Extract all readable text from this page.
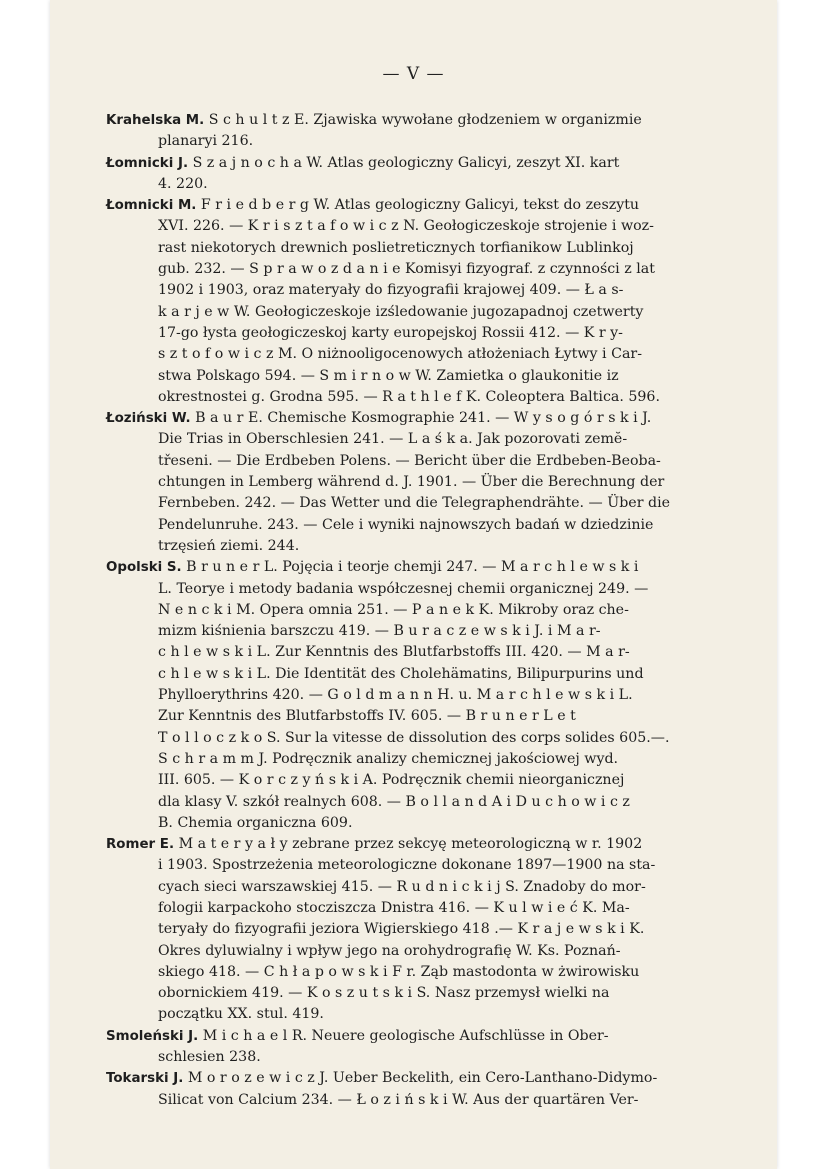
— V —
Krahelska M. S c h u l t z E. Zjawiska wywołane głodzeniem w organizmie
planaryi 216.
Łomnicki J. S z a j n o c h a W. Atlas geologiczny Galicyi, zeszyt XI. kart
4. 220.
Łomnicki M. F r i e d b e r g W. Atlas geologiczny Galicyi, tekst do zeszytu
XVI. 226. — K r i s z t a f o w i c z N. Geołogiczeskoje strojenie i woz-
rast niekotorych drewnich poslietreticznych torfianikow Lublinkoj
gub. 232. — S p r a w o z d a n i e Komisyi fizyograf. z czynności z lat
1902 i 1903, oraz materyały do fizyografii krajowej 409. — Ł a s-
k a r j e w W. Geołogiczeskoje izśledowanie jugozapadnoj czetwerty
17-go łysta geołogiczeskoj karty europejskoj Rossii 412. — K r y-
s z t o f o w i c z M. O niżnooligocenowych atłożeniach Łytwy i Car-
stwa Polskago 594. — S m i r n o w W. Zamietka o glaukonitie iz
okrestnostei g. Grodna 595. — R a t h l e f K. Coleoptera Baltica. 596.
Łoziński W. B a u r E. Chemische Kosmographie 241. — W y s o g ó r s k i J.
Die Trias in Oberschlesien 241. — L a ś k a. Jak pozorovati zemĕ-
třeseni. — Die Erdbeben Polens. — Bericht über die Erdbeben-Beoba-
chtungen in Lemberg während d. J. 1901. — Über die Berechnung der
Fernbeben. 242. — Das Wetter und die Telegraphendrähte. — Über die
Pendelunruhe. 243. — Cele i wyniki najnowszych badań w dziedzinie
trzęsień ziemi. 244.
Opolski S. B r u n e r L. Pojęcia i teorje chemji 247. — M a r c h l e w s k i
L. Teorye i metody badania współczesnej chemii organicznej 249. —
N e n c k i M. Opera omnia 251. — P a n e k K. Mikroby oraz che-
mizm kiśnienia barszczu 419. — B u r a c z e w s k i J. i M a r-
c h l e w s k i L. Zur Kenntnis des Blutfarbstoffs III. 420. — M a r-
c h l e w s k i L. Die Identität des Cholehämatins, Bilipurpurins und
Phylloerythrins 420. — G o l d m a n n H. u. M a r c h l e w s k i L.
Zur Kenntnis des Blutfarbstoffs IV. 605. — B r u n e r L e t
T o l l o c z k o S. Sur la vitesse de dissolution des corps solides 605.—.
S c h r a m m J. Podręcznik analizy chemicznej jakościowej wyd.
III. 605. — K o r c z y ń s k i A. Podręcznik chemii nieorganicznej
dla klasy V. szkół realnych 608. — B o l l a n d A i D u c h o w i c z
B. Chemia organiczna 609.
Romer E. M a t e r y a ł y zebrane przez sekcyę meteorologiczną w r. 1902
i 1903. Spostrzeżenia meteorologiczne dokonane 1897—1900 na sta-
cyach sieci warszawskiej 415. — R u d n i c k i j S. Znadoby do mor-
fologii karpackoho stocziszcza Dnistra 416. — K u l w i e ć K. Ma-
teryały do fizyografii jeziora Wigierskiego 418 .— K r a j e w s k i K.
Okres dyluwialny i wpływ jego na orohydrografię W. Ks. Poznań-
skiego 418. — C h ł a p o w s k i F r. Ząb mastodonta w żwirowisku
obornickiem 419. — K o s z u t s k i S. Nasz przemysł wielki na
początku XX. stul. 419.
Smoleński J. M i c h a e l R. Neuere geologische Aufschlüsse in Ober-
schlesien 238.
Tokarski J. M o r o z e w i c z J. Ueber Beckelith, ein Cero-Lanthano-Didymo-
Silicat von Calcium 234. — Ł o z i ń s k i W. Aus der quartären Ver-
